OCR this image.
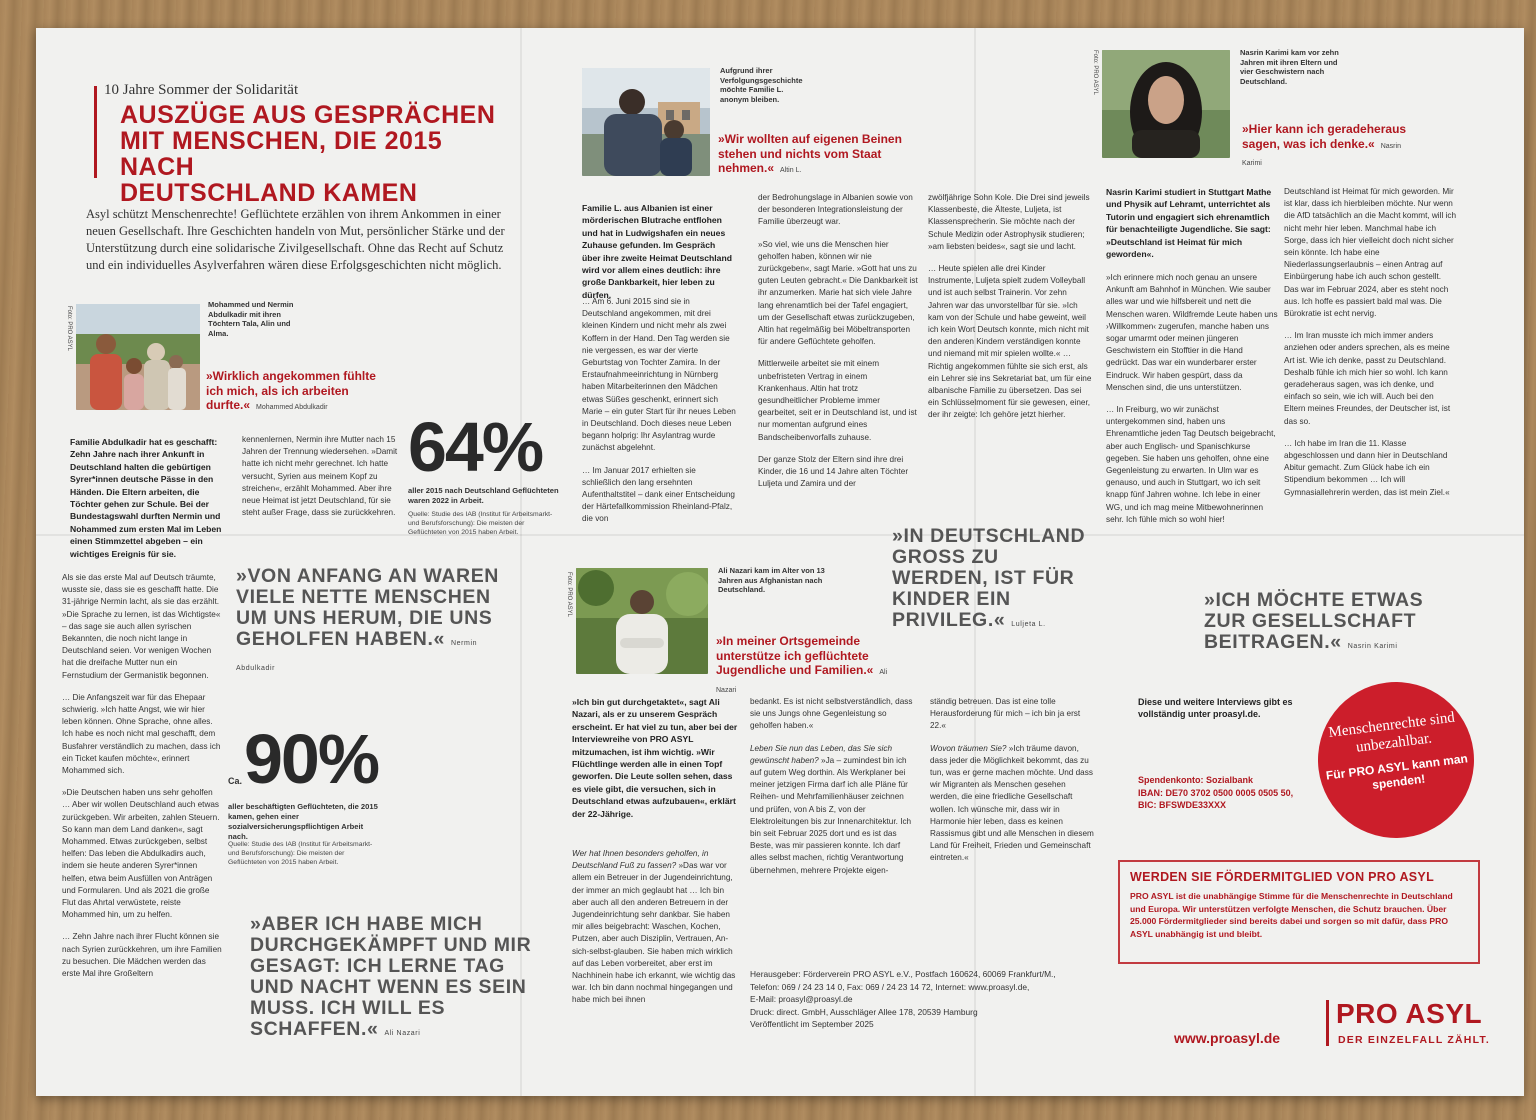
10 Jahre Sommer der Solidarität
AUSZÜGE AUS GESPRÄCHEN
MIT MENSCHEN, DIE 2015 NACH
DEUTSCHLAND KAMEN
Asyl schützt Menschenrechte! Geflüchtete erzählen von ihrem Ankommen in einer neuen Gesellschaft. Ihre Geschichten handeln von Mut, persönlicher Stärke und der Unterstützung durch eine solidarische Zivilgesellschaft. Ohne das Recht auf Schutz und ein individuelles Asylverfahren wären diese Erfolgsgeschichten nicht möglich.
Foto: PRO ASYL
Mohammed und Nermin Abdulkadir mit ihren Töchtern Tala, Alin und Alma.
»Wirklich angekommen fühlte ich mich, als ich arbeiten durfte.« Mohammed Abdulkadir
Familie Abdulkadir hat es geschafft: Zehn Jahre nach ihrer Ankunft in Deutschland halten die gebürtigen Syrer*innen deutsche Pässe in den Händen. Die Eltern arbeiten, die Töchter gehen zur Schule. Bei der Bundestagswahl durften Nermin und Nohammed zum ersten Mal im Leben einen Stimmzettel abgeben – ein wichtiges Ereignis für sie.

Als sie das erste Mal auf Deutsch träumte, wusste sie, dass sie es geschafft hatte. Die 31-jährige Nermin lacht, als sie das erzählt. »Die Sprache zu lernen, ist das Wichtigste« – das sage sie auch allen syrischen Bekannten, die noch nicht lange in Deutschland seien. Vor wenigen Wochen hat die dreifache Mutter nun ein Fernstudium der Germanistik begonnen.

… Die Anfangszeit war für das Ehepaar schwierig. »Ich hatte Angst, wie wir hier leben können. Ohne Sprache, ohne alles. Ich habe es noch nicht mal geschafft, dem Busfahrer verständlich zu machen, dass ich ein Ticket kaufen möchte«, erinnert Mohammed sich.

»Die Deutschen haben uns sehr geholfen … Aber wir wollen Deutschland auch etwas zurückgeben. Wir arbeiten, zahlen Steuern. So kann man dem Land danken«, sagt Mohammed. Etwas zurückgeben, selbst helfen: Das leben die Abdulkadirs auch, indem sie heute anderen Syrer*innen helfen, etwa beim Ausfüllen von Anträgen und Formularen. Und als 2021 die große Flut das Ahrtal verwüstete, reiste Mohammed hin, um zu helfen.

… Zehn Jahre nach ihrer Flucht können sie nach Syrien zurückkehren, um ihre Familien zu besuchen. Die Mädchen werden das erste Mal ihre Großeltern

kennenlernen, Nermin ihre Mutter nach 15 Jahren der Trennung wiedersehen. »Damit hatte ich nicht mehr gerechnet. Ich hatte versucht, Syrien aus meinem Kopf zu streichen«, erzählt Mohammed. Aber ihre neue Heimat ist jetzt Deutschland, für sie steht außer Frage, dass sie zurückkehren.
64%
aller 2015 nach Deutschland Geflüchteten waren 2022 in Arbeit.
Quelle: Studie des IAB (Institut für Arbeitsmarkt- und Berufsforschung): Die meisten der Geflüchteten von 2015 haben Arbeit.
»VON ANFANG AN WAREN VIELE NETTE MENSCHEN UM UNS HERUM, DIE UNS GEHOLFEN HABEN.« Nermin Abdulkadir
Ca. 90%
aller beschäftigten Geflüchteten, die 2015 kamen, gehen einer sozialversicherungspflichtigen Arbeit nach.
Quelle: Studie des IAB (Institut für Arbeitsmarkt- und Berufsforschung): Die meisten der Geflüchteten von 2015 haben Arbeit.
»ABER ICH HABE MICH DURCHGEKÄMPFT UND MIR GESAGT: ICH LERNE TAG UND NACHT WENN ES SEIN MUSS. ICH WILL ES SCHAFFEN.« Ali Nazari
Aufgrund ihrer Verfolgungsgeschichte möchte Familie L. anonym bleiben.
»Wir wollten auf eigenen Beinen stehen und nichts vom Staat nehmen.« Altin L.
Familie L. aus Albanien ist einer mörderischen Blutrache entflohen und hat in Ludwigshafen ein neues Zuhause gefunden. Im Gespräch über ihre zweite Heimat Deutschland wird vor allem eines deutlich: ihre große Dankbarkeit, hier leben zu dürfen.

… Am 6. Juni 2015 sind sie in Deutschland angekommen, mit drei kleinen Kindern und nicht mehr als zwei Koffern in der Hand. Den Tag werden sie nie vergessen, es war der vierte Geburtstag von Tochter Zamira. In der Erstaufnahmeeinrichtung in Nürnberg haben Mitarbeiterinnen den Mädchen etwas Süßes geschenkt, erinnert sich Marie – ein guter Start für ihr neues Leben in Deutschland. Doch dieses neue Leben begann holprig: Ihr Asylantrag wurde zunächst abgelehnt.

… Im Januar 2017 erhielten sie schließlich den lang ersehnten Aufenthaltstitel – dank einer Entscheidung der Härtefallkommission Rheinland-Pfalz, die von

der Bedrohungslage in Albanien sowie von der besonderen Integrationsleistung der Familie überzeugt war.

»So viel, wie uns die Menschen hier geholfen haben, können wir nie zurückgeben«, sagt Marie. »Gott hat uns zu guten Leuten gebracht.« Die Dankbarkeit ist ihr anzumerken. Marie hat sich viele Jahre lang ehrenamtlich bei der Tafel engagiert, um der Gesellschaft etwas zurückzugeben, Altin hat regelmäßig bei Möbeltransporten für andere Geflüchtete geholfen.

Mittlerweile arbeitet sie mit einem unbefristeten Vertrag in einem Krankenhaus. Altin hat trotz gesundheitlicher Probleme immer gearbeitet, seit er in Deutschland ist, und ist nur momentan aufgrund eines Bandscheibenvorfalls zuhause.

Der ganze Stolz der Eltern sind ihre drei Kinder, die 16 und 14 Jahre alten Töchter Luljeta und Zamira und der

zwölfjährige Sohn Kole. Die Drei sind jeweils Klassenbeste, die Älteste, Luljeta, ist Klassensprecherin. Sie möchte nach der Schule Medizin oder Astrophysik studieren; »am liebsten beides«, sagt sie und lacht.

… Heute spielen alle drei Kinder Instrumente, Luljeta spielt zudem Volleyball und ist auch selbst Trainerin. Vor zehn Jahren war das unvorstellbar für sie. »Ich kam von der Schule und habe geweint, weil ich kein Wort Deutsch konnte, mich nicht mit den anderen Kindern verständigen konnte und niemand mit mir spielen wollte.« … Richtig angekommen fühlte sie sich erst, als ein Lehrer sie ins Sekretariat bat, um für eine albanische Familie zu übersetzen. Das sei ein Schlüsselmoment für sie gewesen, einer, der ihr zeigte: Ich gehöre jetzt hierher.

»IN DEUTSCHLAND GROSS ZU WERDEN, IST FÜR KINDER EIN PRIVILEG.« Luljeta L.
Foto: PRO ASYL
Ali Nazari kam im Alter von 13 Jahren aus Afghanistan nach Deutschland.
»In meiner Ortsgemeinde unterstütze ich geflüchtete Jugendliche und Familien.« Ali Nazari
»Ich bin gut durchgetaktet«, sagt Ali Nazari, als er zu unserem Gespräch erscheint. Er hat viel zu tun, aber bei der Interviewreihe von PRO ASYL mitzumachen, ist ihm wichtig. »Wir Flüchtlinge werden alle in einen Topf geworfen. Die Leute sollen sehen, dass es viele gibt, die versuchen, sich in Deutschland etwas aufzubauen«, erklärt der 22-Jährige.
Wer hat Ihnen besonders geholfen, in Deutschland Fuß zu fassen? »Das war vor allem ein Betreuer in der Jugendeinrichtung, der immer an mich geglaubt hat … Ich bin aber auch all den anderen Betreuern in der Jugendeinrichtung sehr dankbar. Sie haben mir alles beigebracht: Waschen, Kochen, Putzen, aber auch Disziplin, Vertrauen, An-sich-selbst-glauben. Sie haben mich wirklich auf das Leben vorbereitet, aber erst im Nachhinein habe ich erkannt, wie wichtig das war. Ich bin dann nochmal hingegangen und habe mich bei ihnen

bedankt. Es ist nicht selbstverständlich, dass sie uns Jungs ohne Gegenleistung so geholfen haben.«

Leben Sie nun das Leben, das Sie sich gewünscht haben? »Ja – zumindest bin ich auf gutem Weg dorthin. Als Werkplaner bei meiner jetzigen Firma darf ich alle Pläne für Reihen- und Mehrfamilienhäuser zeichnen und prüfen, von A bis Z, von der Elektroleitungen bis zur Innenarchitektur. Ich bin seit Februar 2025 dort und es ist das Beste, was mir passieren konnte. Ich darf alles selbst machen, richtig Verantwortung übernehmen, mehrere Projekte eigen-

ständig betreuen. Das ist eine tolle Herausforderung für mich – ich bin ja erst 22.«

Wovon träumen Sie? »Ich träume davon, dass jeder die Möglichkeit bekommt, das zu tun, was er gerne machen möchte. Und dass wir Migranten als Menschen gesehen werden, die eine friedliche Gesellschaft wollen. Ich wünsche mir, dass wir in Harmonie hier leben, dass es keinen Rassismus gibt und alle Menschen in diesem Land für Freiheit, Frieden und Gemeinschaft eintreten.«
Herausgeber: Förderverein PRO ASYL e.V., Postfach 160624, 60069 Frankfurt/M.,
Telefon: 069 / 24 23 14 0, Fax: 069 / 24 23 14 72, Internet: www.proasyl.de,
E-Mail: proasyl@proasyl.de
Druck: direct. GmbH, Ausschläger Allee 178, 20539 Hamburg
Veröffentlicht im September 2025
Foto: PRO ASYL	Nasrin Karimi kam vor zehn Jahren mit ihren Eltern und vier Geschwistern nach Deutschland.
»Hier kann ich geradeheraus sagen, was ich denke.« Nasrin Karimi
Nasrin Karimi studiert in Stuttgart Mathe und Physik auf Lehramt, unterrichtet als Tutorin und engagiert sich ehrenamtlich für benachteiligte Jugendliche. Sie sagt: »Deutschland ist Heimat für mich geworden«.

»Ich erinnere mich noch genau an unsere Ankunft am Bahnhof in München. Wie sauber alles war und wie hilfsbereit und nett die Menschen waren. Wildfremde Leute haben uns ›Willkommen‹ zugerufen, manche haben uns sogar umarmt oder meinen jüngeren Geschwistern ein Stofftier in die Hand gedrückt. Das war ein wunderbarer erster Eindruck. Wir haben gespürt, dass da Menschen sind, die uns unterstützen.

… In Freiburg, wo wir zunächst untergekommen sind, haben uns Ehrenamtliche jeden Tag Deutsch beigebracht, aber auch Englisch- und Spanischkurse gegeben. Sie haben uns geholfen, ohne eine Gegenleistung zu erwarten. In Ulm war es genauso, und auch in Stuttgart, wo ich seit knapp fünf Jahren wohne. Ich lebe in einer WG, und ich mag meine Mitbewohnerinnen sehr. Ich fühle mich so wohl hier!

Deutschland ist Heimat für mich geworden. Mir ist klar, dass ich hierbleiben möchte. Nur wenn die AfD tatsächlich an die Macht kommt, will ich nicht mehr hier leben. Manchmal habe ich Sorge, dass ich hier vielleicht doch nicht sicher sein könnte. Ich habe eine Niederlassungserlaubnis – einen Antrag auf Einbürgerung habe ich auch schon gestellt. Das war im Februar 2024, aber es steht noch aus. Ich hoffe es passiert bald mal was. Die Bürokratie ist echt nervig.

… Im Iran musste ich mich immer anders anziehen oder anders sprechen, als es meine Art ist. Wie ich denke, passt zu Deutschland. Deshalb fühle ich mich hier so wohl. Ich kann geradeheraus sagen, was ich denke, und einfach so sein, wie ich will. Auch bei den Eltern meines Freundes, der Deutscher ist, ist das so.

… Ich habe im Iran die 11. Klasse abgeschlossen und dann hier in Deutschland Abitur gemacht. Zum Glück habe ich ein Stipendium bekommen … Ich will Gymnasiallehrerin werden, das ist mein Ziel.«

»ICH MÖCHTE ETWAS ZUR GESELLSCHAFT BEITRAGEN.« Nasrin Karimi
Diese und weitere Interviews gibt es vollständig unter proasyl.de.	Menschenrechte sind unbezahlbar.
Für PRO ASYL kann man spenden!
Spendenkonto: Sozialbank
IBAN: DE70 3702 0500 0005 0505 50,
BIC: BFSWDE33XXX
WERDEN SIE FÖRDERMITGLIED VON PRO ASYL
PRO ASYL ist die unabhängige Stimme für die Menschenrechte in Deutschland und Europa. Wir unterstützen verfolgte Menschen, die Schutz brauchen. Über 25.000 Fördermitglieder sind bereits dabei und sorgen so mit dafür, dass PRO ASYL unabhängig ist und bleibt.
www.proasyl.de
PRO ASYL
DER EINZELFALL ZÄHLT.
